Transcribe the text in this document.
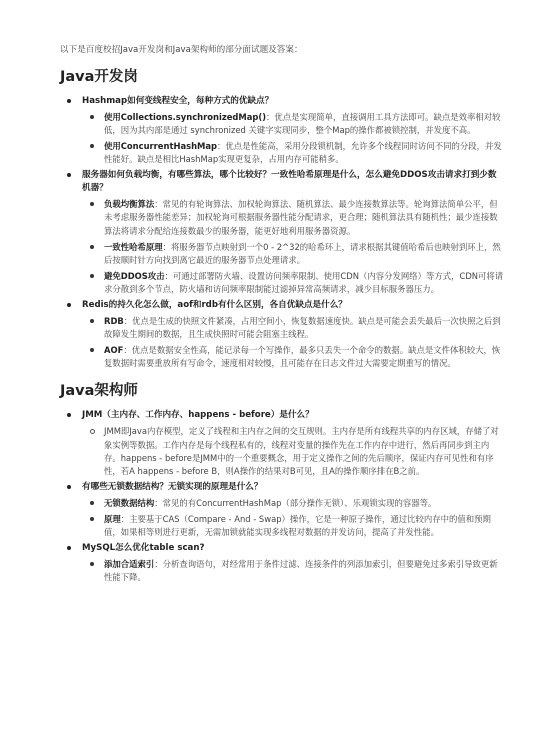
以下是百度校招Java开发岗和Java架构师的部分面试题及答案：

Java开发岗
Hashmap如何变线程安全，每种方式的优缺点？
使用Collections.synchronizedMap()：优点是实现简单，直接调用工具方法即可。缺点是效率相对较低，因为其内部是通过 synchronized 关键字实现同步，整个Map的操作都被锁控制，并发度不高。
使用ConcurrentHashMap：优点是性能高，采用分段锁机制，允许多个线程同时访问不同的分段，并发性能好。缺点是相比HashMap实现更复杂，占用内存可能稍多。
服务器如何负载均衡，有哪些算法，哪个比较好？一致性哈希原理是什么，怎么避免DDOS攻击请求打到少数机器？
负载均衡算法：常见的有轮询算法、加权轮询算法、随机算法、最少连接数算法等。轮询算法简单公平，但未考虑服务器性能差异；加权轮询可根据服务器性能分配请求，更合理；随机算法具有随机性；最少连接数算法将请求分配给连接数最少的服务器，能更好地利用服务器资源。
一致性哈希原理：将服务器节点映射到一个0 - 2^32的哈希环上，请求根据其键值哈希后也映射到环上，然后按顺时针方向找到离它最近的服务器节点处理请求。
避免DDOS攻击：可通过部署防火墙、设置访问频率限制、使用CDN（内容分发网络）等方式，CDN可将请求分散到多个节点，防火墙和访问频率限制能过滤掉异常高频请求，减少目标服务器压力。
Redis的持久化怎么做，aof和rdb有什么区别，各自优缺点是什么？
RDB：优点是生成的快照文件紧凑，占用空间小，恢复数据速度快。缺点是可能会丢失最后一次快照之后到故障发生期间的数据，且生成快照时可能会阻塞主线程。
AOF：优点是数据安全性高，能记录每一个写操作，最多只丢失一个命令的数据。缺点是文件体积较大，恢复数据时需要重放所有写命令，速度相对较慢，且可能存在日志文件过大需要定期重写的情况。
Java架构师
JMM（主内存、工作内存、happens - before）是什么？
JMM即Java内存模型，定义了线程和主内存之间的交互规则。主内存是所有线程共享的内存区域，存储了对象实例等数据。工作内存是每个线程私有的，线程对变量的操作先在工作内存中进行，然后再同步到主内存。happens - before是JMM中的一个重要概念，用于定义操作之间的先后顺序，保证内存可见性和有序性，若A happens - before B，则A操作的结果对B可见，且A的操作顺序排在B之前。
有哪些无锁数据结构？无锁实现的原理是什么？
无锁数据结构：常见的有ConcurrentHashMap（部分操作无锁）、乐观锁实现的容器等。
原理：主要基于CAS（Compare - And - Swap）操作，它是一种原子操作，通过比较内存中的值和预期值，如果相等则进行更新，无需加锁就能实现多线程对数据的并发访问，提高了并发性能。
MySQL怎么优化table scan?
添加合适索引：分析查询语句，对经常用于条件过滤、连接条件的列添加索引，但要避免过多索引导致更新性能下降。
